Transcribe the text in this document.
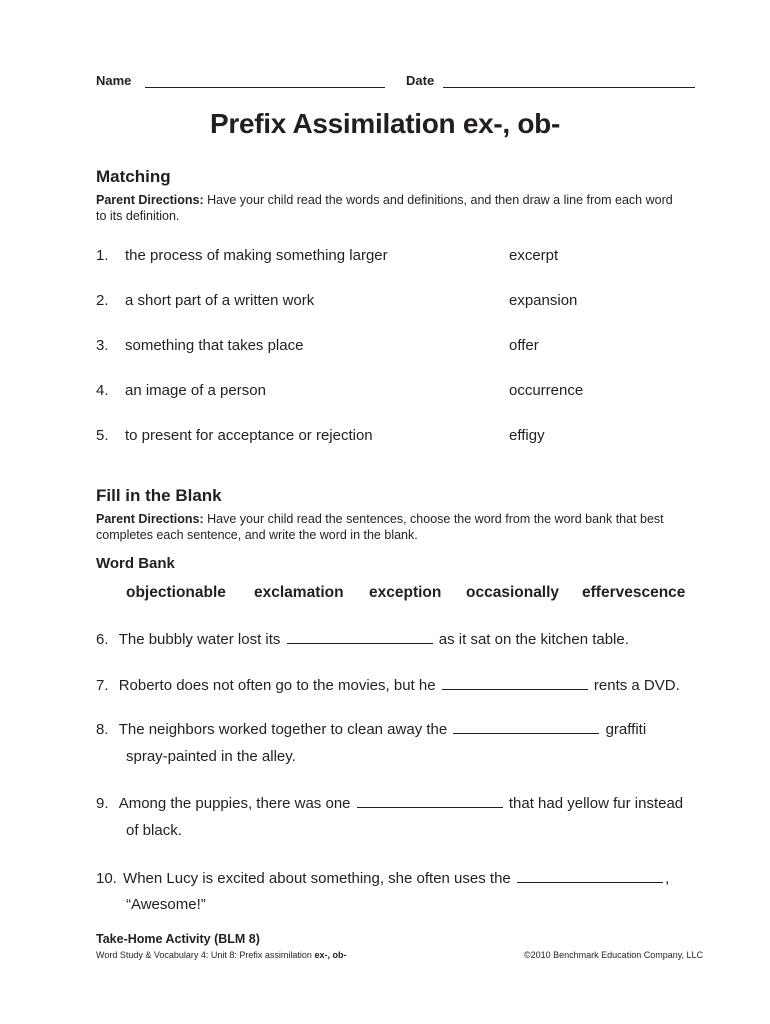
Name	Date
Prefix Assimilation ex-, ob-
Matching
Parent Directions: Have your child read the words and definitions, and then draw a line from each word to its definition.
1.	the process of making something larger	excerpt
2.	a short part of a written work	expansion
3.	something that takes place	offer
4.	an image of a person	occurrence
5.	to present for acceptance or rejection	effigy
Fill in the Blank
Parent Directions: Have your child read the sentences, choose the word from the word bank that best completes each sentence, and write the word in the blank.
Word Bank
objectionable exclamation exception occasionally effervescence
6. The bubbly water lost its	as it sat on the kitchen table.
7. Roberto does not often go to the movies, but he	rents a DVD.
8. The neighbors worked together to clean away the	graffiti
spray-painted in the alley.
9. Among the puppies, there was one	that had yellow fur instead
of black.
10. When Lucy is excited about something, she often uses the	,
“Awesome!”
Take-Home Activity (BLM 8)
Word Study & Vocabulary 4: Unit 8: Prefix assimilation ex-, ob-	©2010 Benchmark Education Company, LLC
